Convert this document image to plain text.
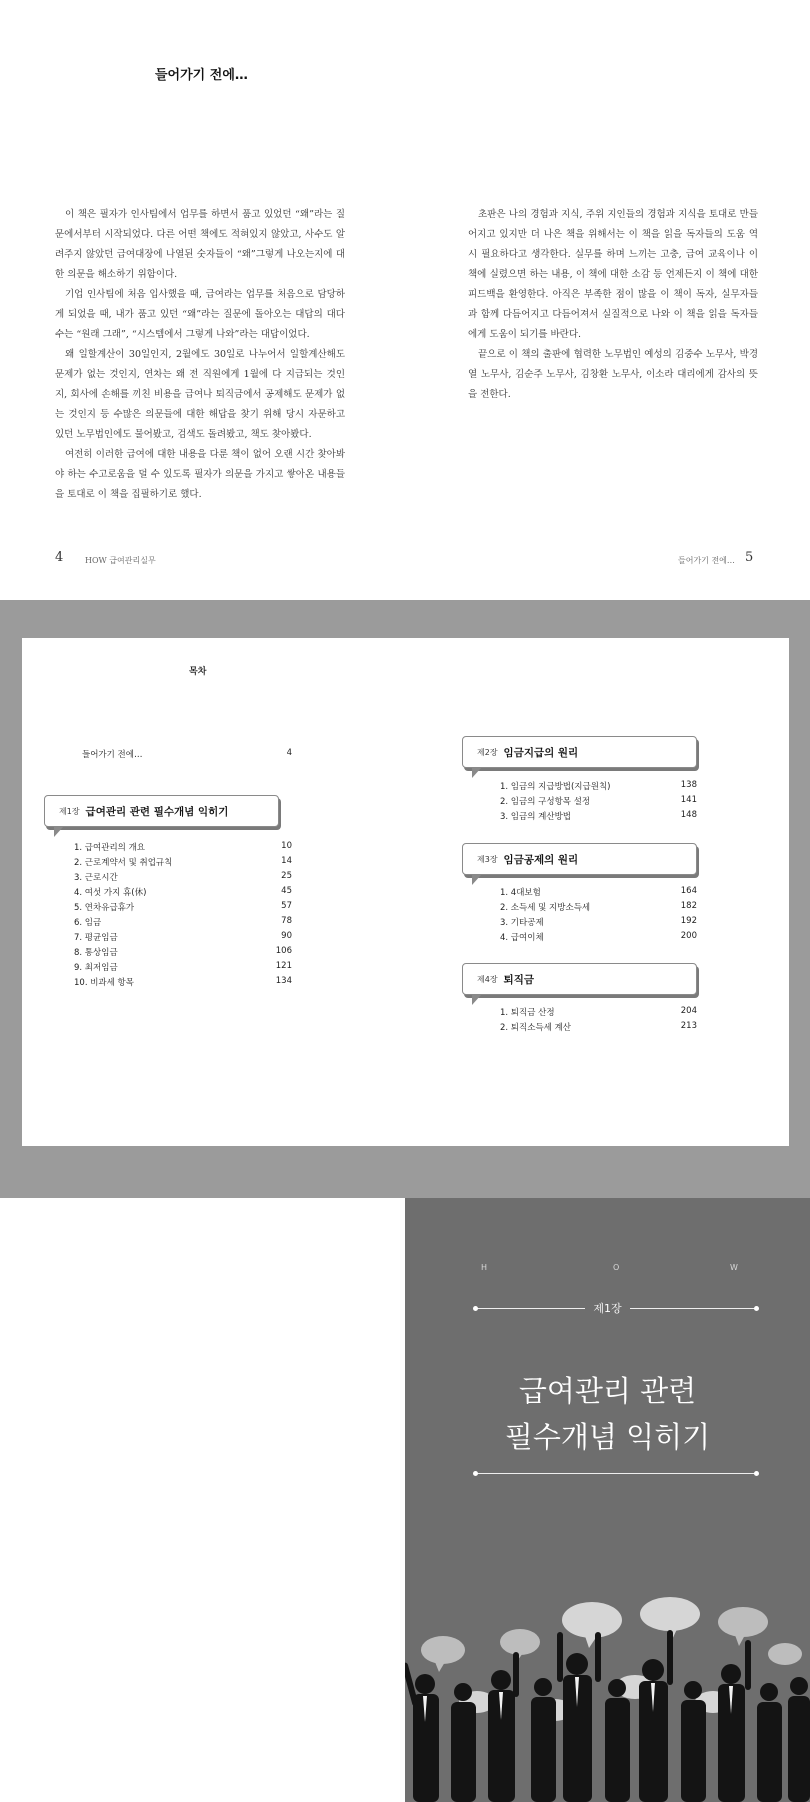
들어가기 전에…

이 책은 필자가 인사팀에서 업무를 하면서 품고 있었던 “왜”라는 질문에서부터 시작되었다. 다른 어떤 책에도 적혀있지 않았고, 사수도 알려주지 않았던 급여대장에 나열된 숫자들이 “왜”그렇게 나오는지에 대한 의문을 해소하기 위함이다.

기업 인사팀에 처음 입사했을 때, 급여라는 업무를 처음으로 담당하게 되었을 때, 내가 품고 있던 “왜”라는 질문에 돌아오는 대답의 대다수는 “원래 그래”, “시스템에서 그렇게 나와”라는 대답이었다.

왜 일할계산이 30일인지, 2월에도 30일로 나누어서 일할계산해도 문제가 없는 것인지, 연차는 왜 전 직원에게 1월에 다 지급되는 것인지, 회사에 손해를 끼친 비용을 급여나 퇴직금에서 공제해도 문제가 없는 것인지 등 수많은 의문들에 대한 해답을 찾기 위해 당시 자문하고 있던 노무법인에도 물어봤고, 검색도 돌려봤고, 책도 찾아봤다.

여전히 이러한 급여에 대한 내용을 다룬 책이 없어 오랜 시간 찾아봐야 하는 수고로움을 덜 수 있도록 필자가 의문을 가지고 쌓아온 내용들을 토대로 이 책을 집필하기로 했다.

초판은 나의 경험과 지식, 주위 지인들의 경험과 지식을 토대로 만들어지고 있지만 더 나은 책을 위해서는 이 책을 읽을 독자들의 도움 역시 필요하다고 생각한다. 실무를 하며 느끼는 고충, 급여 교육이나 이 책에 실렸으면 하는 내용, 이 책에 대한 소감 등 언제든지 이 책에 대한 피드백을 환영한다. 아직은 부족한 점이 많을 이 책이 독자, 실무자들과 함께 다듬어지고 다듬어져서 실질적으로 나와 이 책을 읽을 독자들에게 도움이 되기를 바란다.

끝으로 이 책의 출판에 협력한 노무법인 예성의 김중수 노무사, 박경열 노무사, 김순주 노무사, 김창환 노무사, 이소라 대리에게 감사의 뜻을 전한다.

4	HOW 급여관리실무	들어가기 전에… 5
목차
들어가기 전에…	4
제1장 급여관리 관련 필수개념 익히기
1. 급여관리의 개요	10
2. 근로계약서 및 취업규칙	14
3. 근로시간	25
4. 여섯 가지 휴(休)	45
5. 연차유급휴가	57
6. 임금	78
7. 평균임금	90
8. 통상임금	106
9. 최저임금	121
10. 비과세 항목	134
제2장 임금지급의 원리
1. 임금의 지급방법(지급원칙)	138
2. 임금의 구성항목 설정	141
3. 임금의 계산방법	148
제3장 임금공제의 원리
1. 4대보험	164
2. 소득세 및 지방소득세	182
3. 기타공제	192
4. 급여이체	200
제4장 퇴직금
1. 퇴직금 산정	204
2. 퇴직소득세 계산	213
H	O	W
제1장
급여관리 관련
필수개념 익히기
